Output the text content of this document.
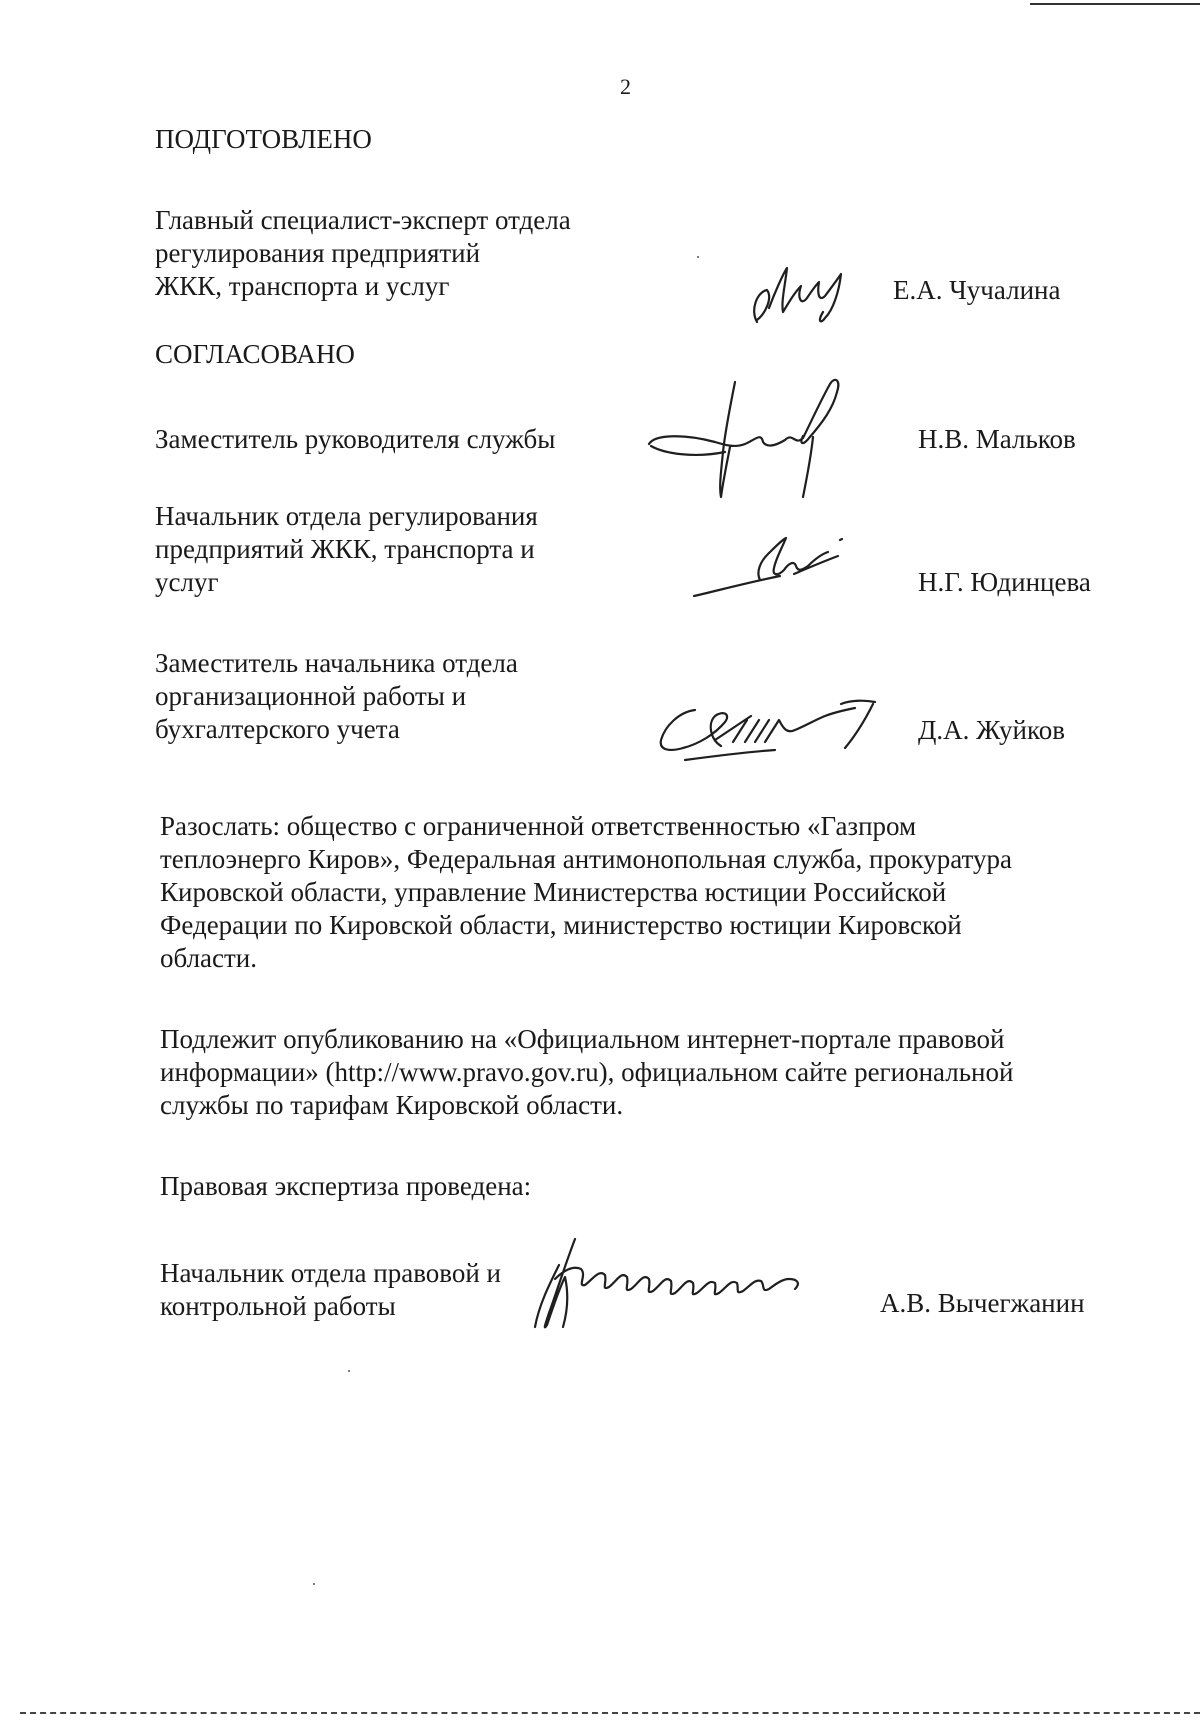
2
ПОДГОТОВЛЕНО
Главный специалист-эксперт отдела
регулирования предприятий
ЖКК, транспорта и услуг	Е.А. Чучалина
СОГЛАСОВАНО
Заместитель руководителя службы	Н.В. Мальков
Начальник отдела регулирования
предприятий ЖКК, транспорта и
услуг	Н.Г. Юдинцева
Заместитель начальника отдела
организационной работы и
бухгалтерского учета	Д.А. Жуйков
Разослать: общество с ограниченной ответственностью «Газпром
теплоэнерго Киров», Федеральная антимонопольная служба, прокуратура
Кировской области, управление Министерства юстиции Российской
Федерации по Кировской области, министерство юстиции Кировской
области.
Подлежит опубликованию на «Официальном интернет-портале правовой
информации» (http://www.pravo.gov.ru), официальном сайте региональной
службы по тарифам Кировской области.
Правовая экспертиза проведена:
Начальник отдела правовой и
контрольной работы	А.В. Вычегжанин
